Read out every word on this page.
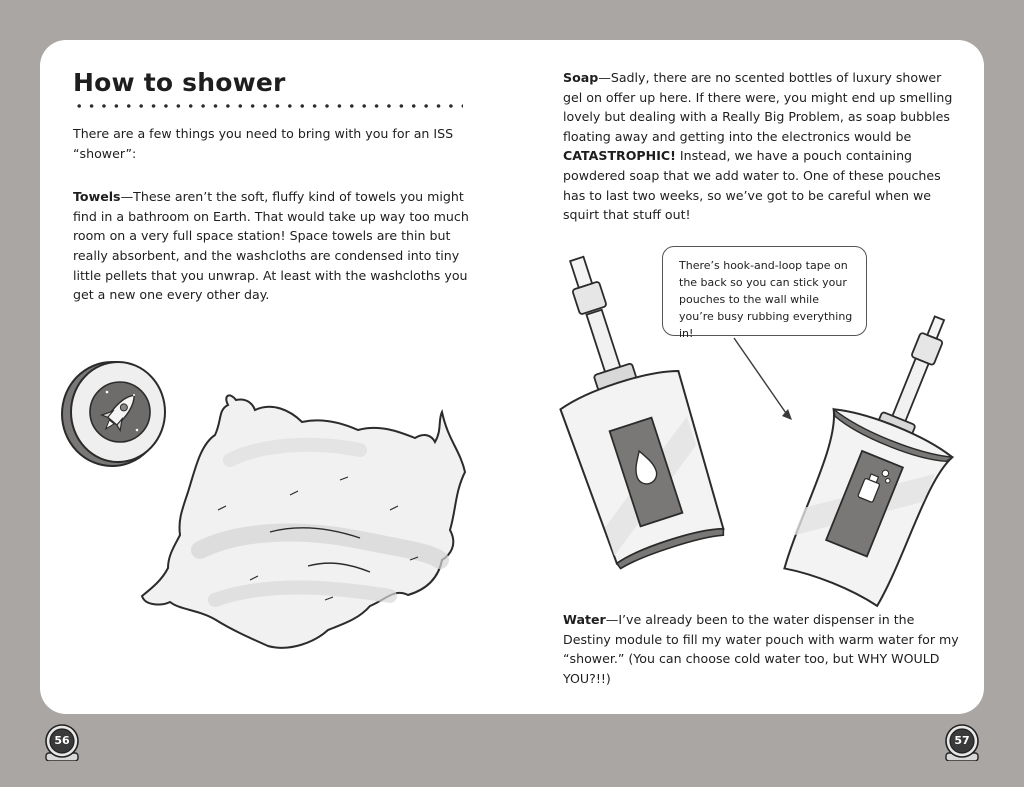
How to shower

There are a few things you need to bring with you for an ISS “shower”:

Towels—These aren’t the soft, fluffy kind of towels you might find in a bathroom on Earth. That would take up way too much room on a very full space station! Space towels are thin but really absorbent, and the washcloths are condensed into tiny little pellets that you unwrap. At least with the washcloths you get a new one every other day.

Soap—Sadly, there are no scented bottles of luxury shower gel on offer up here. If there were, you might end up smelling lovely but dealing with a Really Big Problem, as soap bubbles floating away and getting into the electronics would be CATASTROPHIC! Instead, we have a pouch containing powdered soap that we add water to. One of these pouches has to last two weeks, so we’ve got to be careful when we squirt that stuff out!

There’s hook-and-loop tape on the back so you can stick your pouches to the wall while you’re busy rubbing everything in!

Water—I’ve already been to the water dispenser in the Destiny module to fill my water pouch with warm water for my “shower.” (You can choose cold water too, but WHY WOULD YOU?!!)

56	57
